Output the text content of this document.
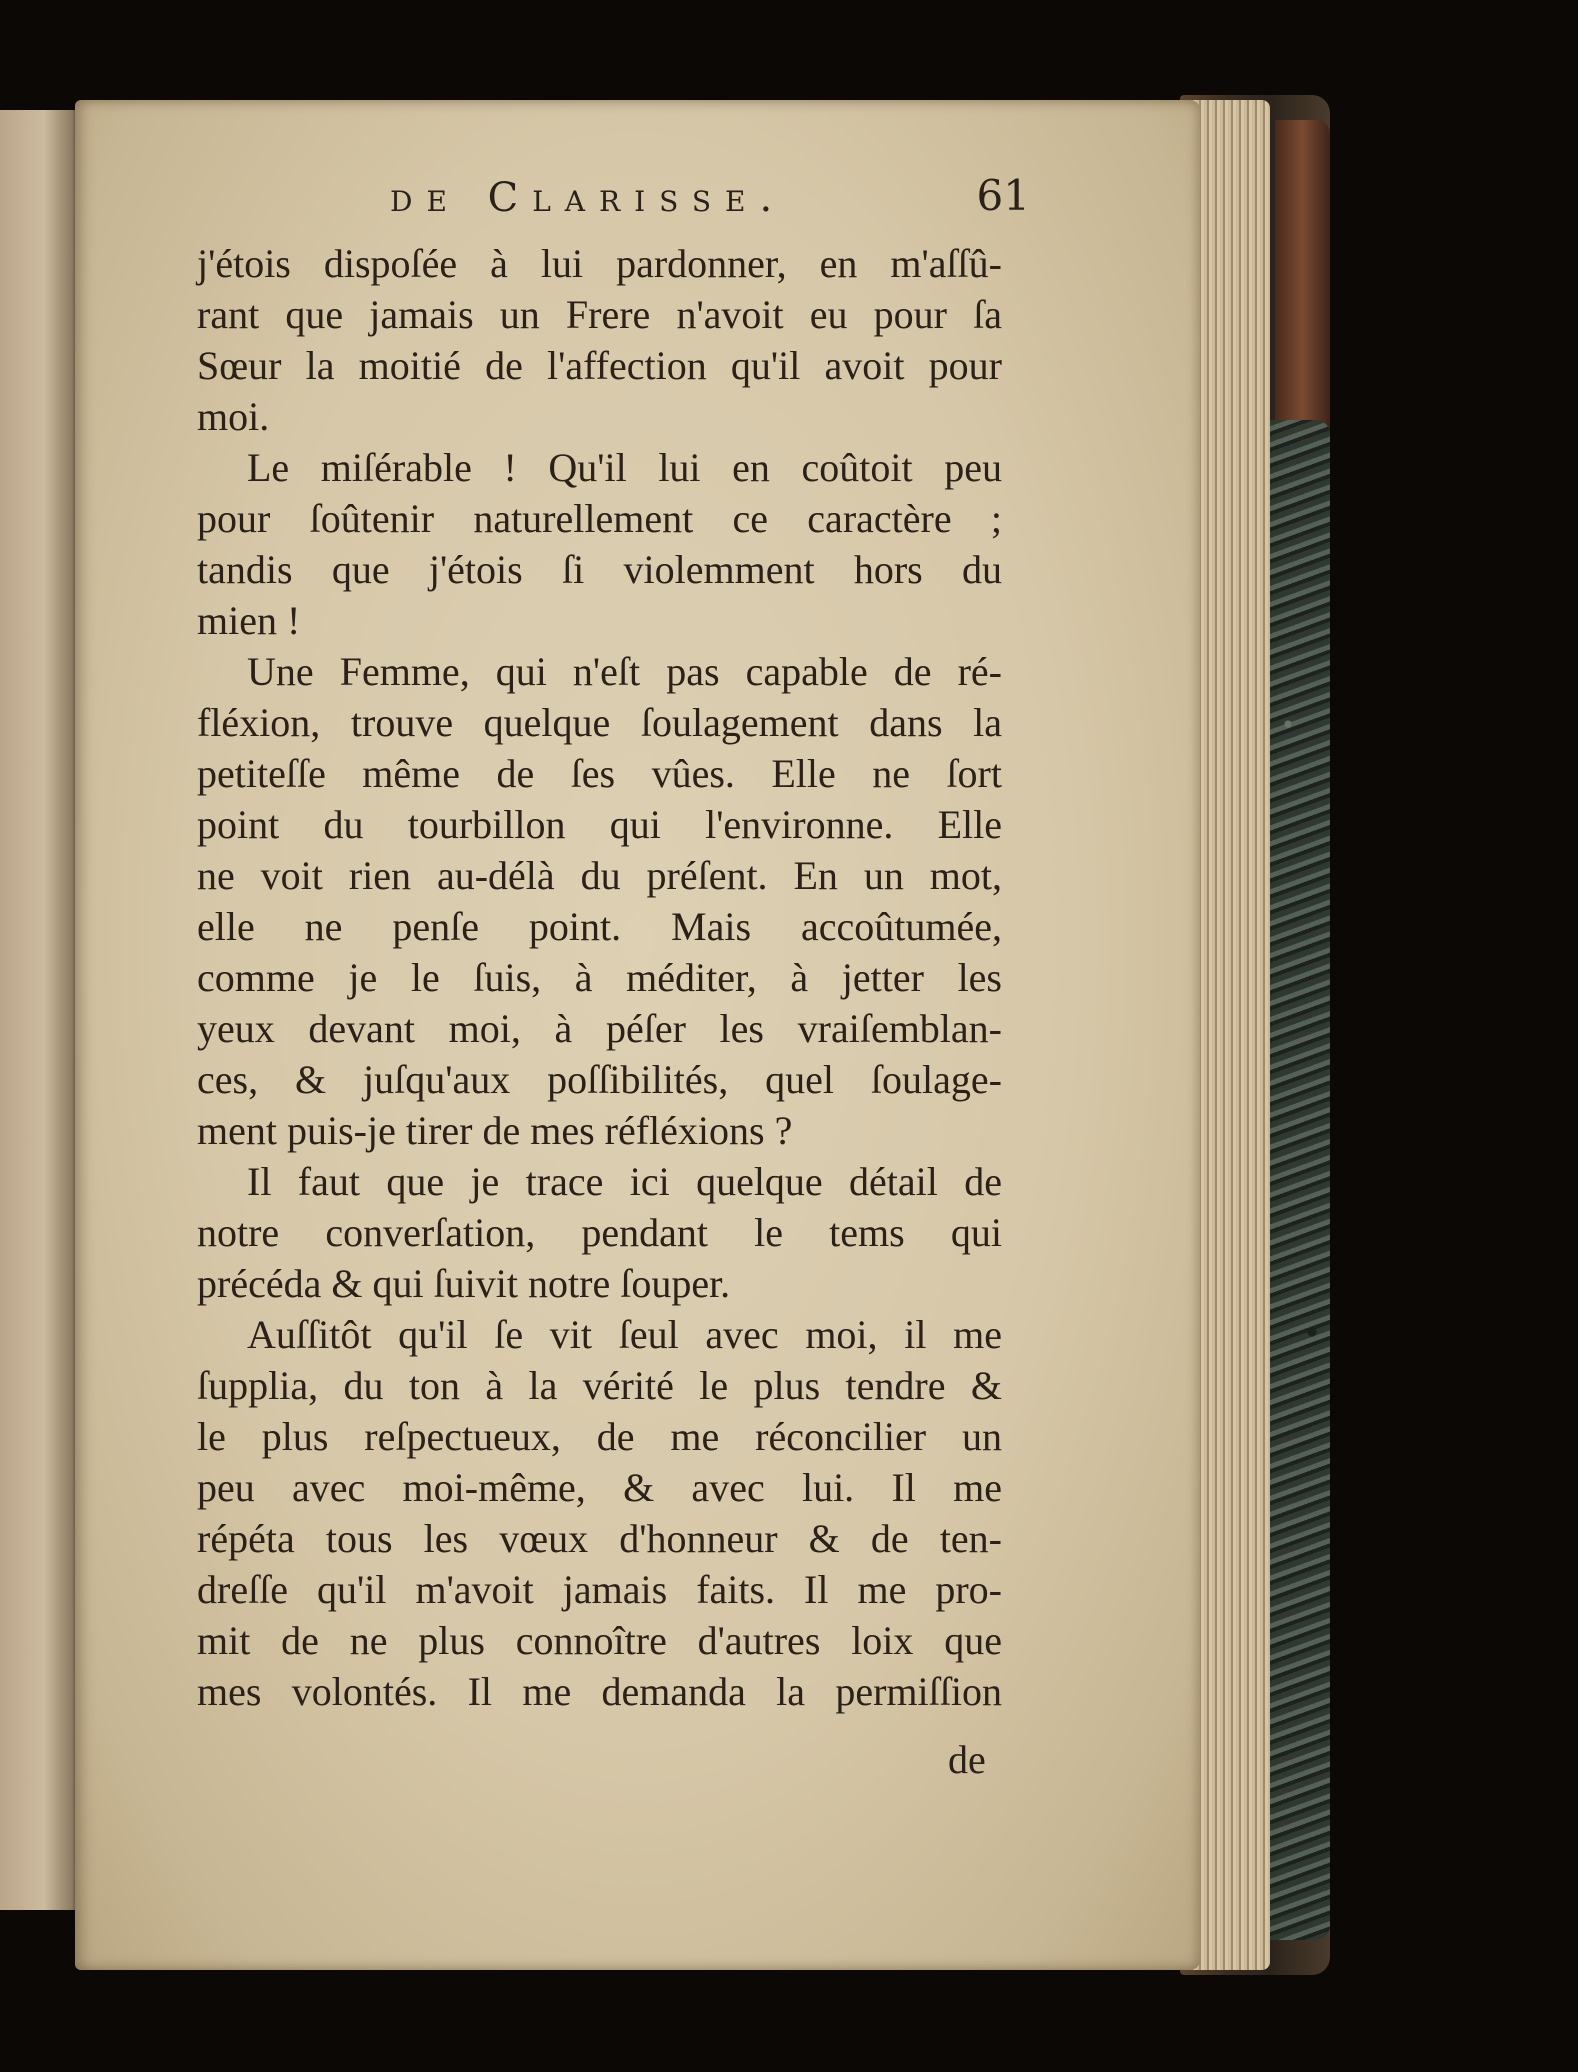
de Clarisse.	61
j'étois dispoſée à lui pardonner, en m'aſſû-
rant que jamais un Frere n'avoit eu pour ſa
Sœur la moitié de l'affection qu'il avoit pour
moi.
Le miſérable ! Qu'il lui en coûtoit peu
pour ſoûtenir naturellement ce caractère ;
tandis que j'étois ſi violemment hors du
mien !
Une Femme, qui n'eſt pas capable de ré-
fléxion, trouve quelque ſoulagement dans la
petiteſſe même de ſes vûes. Elle ne ſort
point du tourbillon qui l'environne. Elle
ne voit rien au-délà du préſent. En un mot,
elle ne penſe point. Mais accoûtumée,
comme je le ſuis, à méditer, à jetter les
yeux devant moi, à péſer les vraiſemblan-
ces, & juſqu'aux poſſibilités, quel ſoulage-
ment puis-je tirer de mes réfléxions ?
Il faut que je trace ici quelque détail de
notre converſation, pendant le tems qui
précéda & qui ſuivit notre ſouper.
Auſſitôt qu'il ſe vit ſeul avec moi, il me
ſupplia, du ton à la vérité le plus tendre &
le plus reſpectueux, de me réconcilier un
peu avec moi-même, & avec lui. Il me
répéta tous les vœux d'honneur & de ten-
dreſſe qu'il m'avoit jamais faits. Il me pro-
mit de ne plus connoître d'autres loix que
mes volontés. Il me demanda la permiſſion
de
